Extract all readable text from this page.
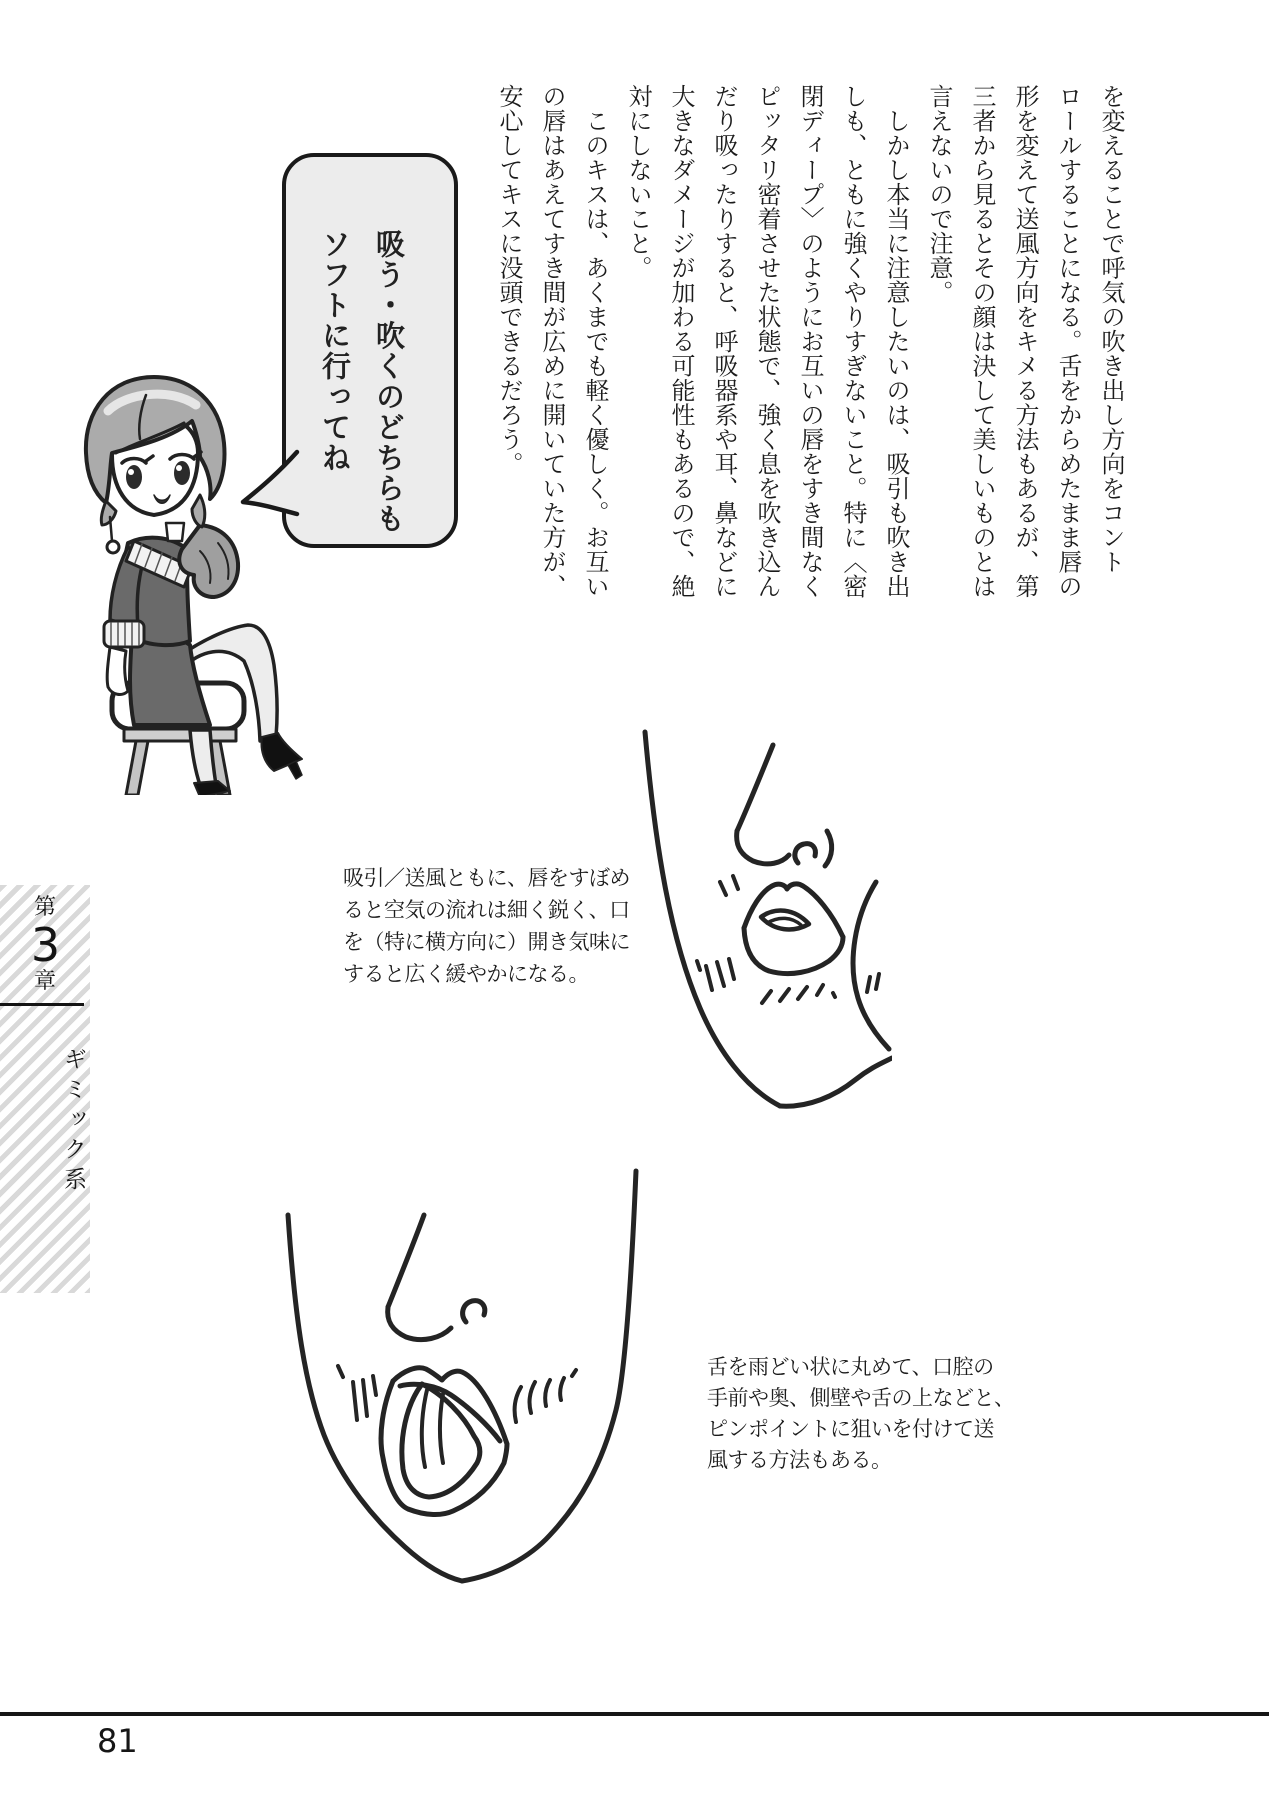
を変えることで呼気の吹き出し方向をコント
ロールすることになる。舌をからめたまま唇の
形を変えて送風方向をキメる方法もあるが、第
三者から見るとその顔は決して美しいものとは
言えないので注意。
　しかし本当に注意したいのは、吸引も吹き出
しも、ともに強くやりすぎないこと。特に〈密
閉ディープ〉のようにお互いの唇をすき間なく
ピッタリ密着させた状態で、強く息を吹き込ん
だり吸ったりすると、呼吸器系や耳、鼻などに
大きなダメージが加わる可能性もあるので、絶
対にしないこと。
　このキスは、あくまでも軽く優しく。お互い
の唇はあえてすき間が広めに開いていた方が、
安心してキスに没頭できるだろう。
吸う・吹くのどちらも
ソフトに行ってね
吸引／送風ともに、唇をすぼめ
ると空気の流れは細く鋭く、口
を（特に横方向に）開き気味に
すると広く緩やかになる。
舌を雨どい状に丸めて、口腔の
手前や奥、側壁や舌の上などと、
ピンポイントに狙いを付けて送
風する方法もある。
第
3
章
ギミック系
81
